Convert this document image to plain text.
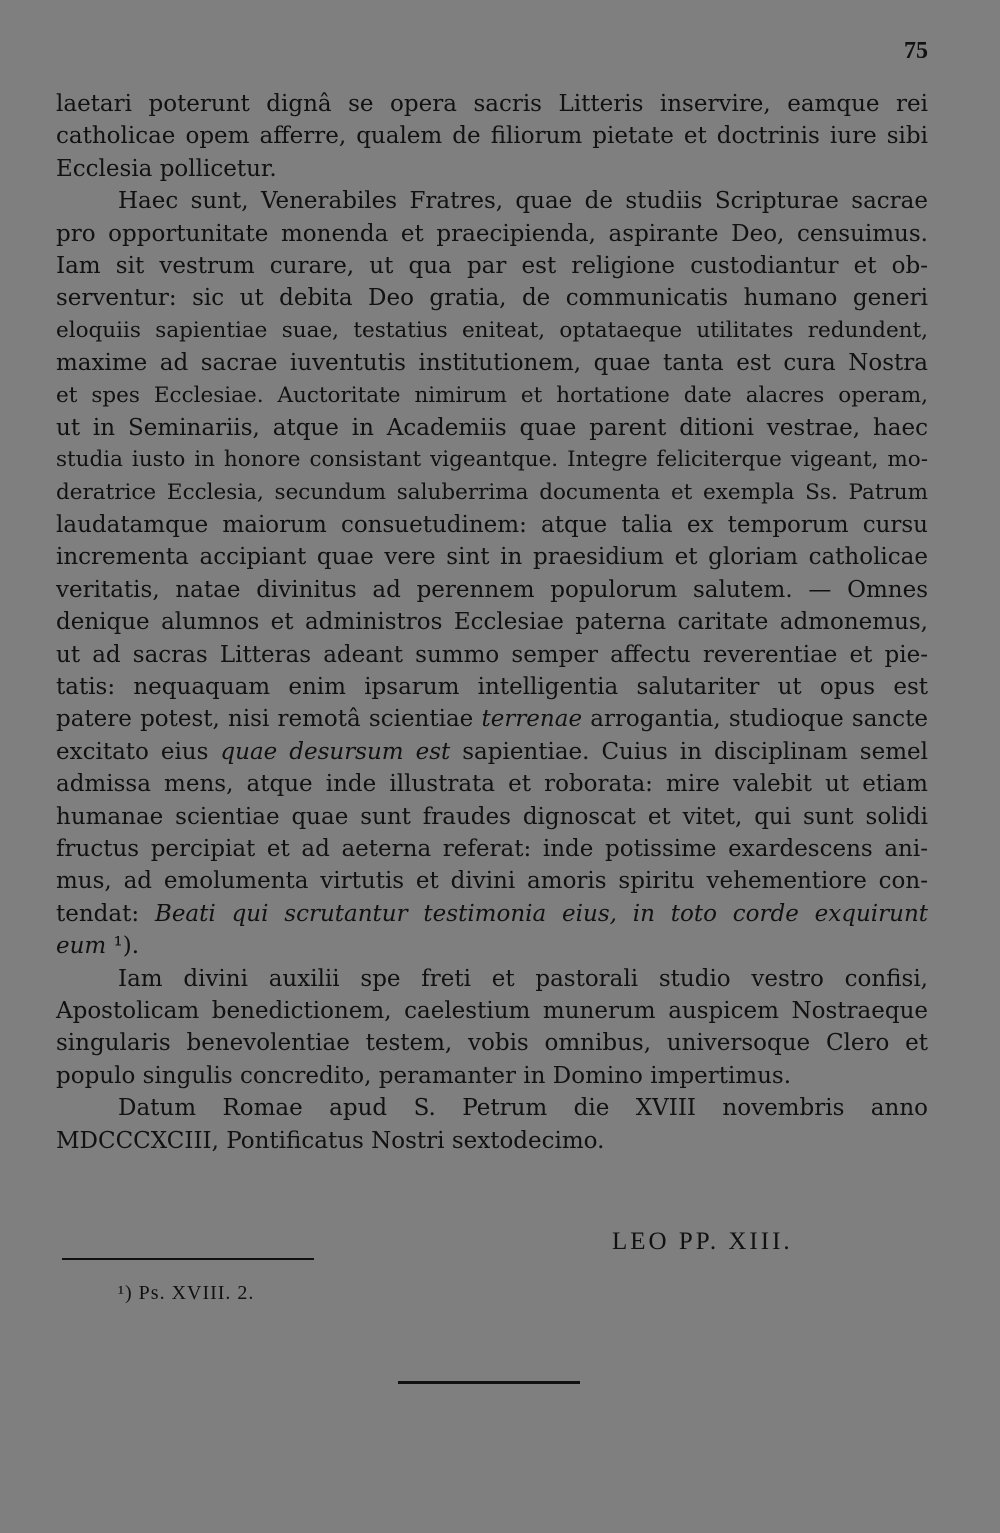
75
laetari poterunt dignâ se opera sacris Litteris inservire, eamque rei
catholicae opem afferre, qualem de filiorum pietate et doctrinis iure sibi
Ecclesia pollicetur.
Haec sunt, Venerabiles Fratres, quae de studiis Scripturae sacrae
pro opportunitate monenda et praecipienda, aspirante Deo, censuimus.
Iam sit vestrum curare, ut qua par est religione custodiantur et ob-
serventur: sic ut debita Deo gratia, de communicatis humano generi
eloquiis sapientiae suae, testatius eniteat, optataeque utilitates redundent,
maxime ad sacrae iuventutis institutionem, quae tanta est cura Nostra
et spes Ecclesiae. Auctoritate nimirum et hortatione date alacres operam,
ut in Seminariis, atque in Academiis quae parent ditioni vestrae, haec
studia iusto in honore consistant vigeantque. Integre feliciterque vigeant, mo-
deratrice Ecclesia, secundum saluberrima documenta et exempla Ss. Patrum
laudatamque maiorum consuetudinem: atque talia ex temporum cursu
incrementa accipiant quae vere sint in praesidium et gloriam catholicae
veritatis, natae divinitus ad perennem populorum salutem. — Omnes
denique alumnos et administros Ecclesiae paterna caritate admonemus,
ut ad sacras Litteras adeant summo semper affectu reverentiae et pie-
tatis: nequaquam enim ipsarum intelligentia salutariter ut opus est
patere potest, nisi remotâ scientiae terrenae arrogantia, studioque sancte
excitato eius quae desursum est sapientiae. Cuius in disciplinam semel
admissa mens, atque inde illustrata et roborata: mire valebit ut etiam
humanae scientiae quae sunt fraudes dignoscat et vitet, qui sunt solidi
fructus percipiat et ad aeterna referat: inde potissime exardescens ani-
mus, ad emolumenta virtutis et divini amoris spiritu vehementiore con-
tendat: Beati qui scrutantur testimonia eius, in toto corde exquirunt
eum ¹).
Iam divini auxilii spe freti et pastorali studio vestro confisi,
Apostolicam benedictionem, caelestium munerum auspicem Nostraeque
singularis benevolentiae testem, vobis omnibus, universoque Clero et
populo singulis concredito, peramanter in Domino impertimus.
Datum Romae apud S. Petrum die XVIII novembris anno
MDCCCXCIII, Pontificatus Nostri sextodecimo.
LEO PP. XIII.
¹) Ps. XVIII. 2.
